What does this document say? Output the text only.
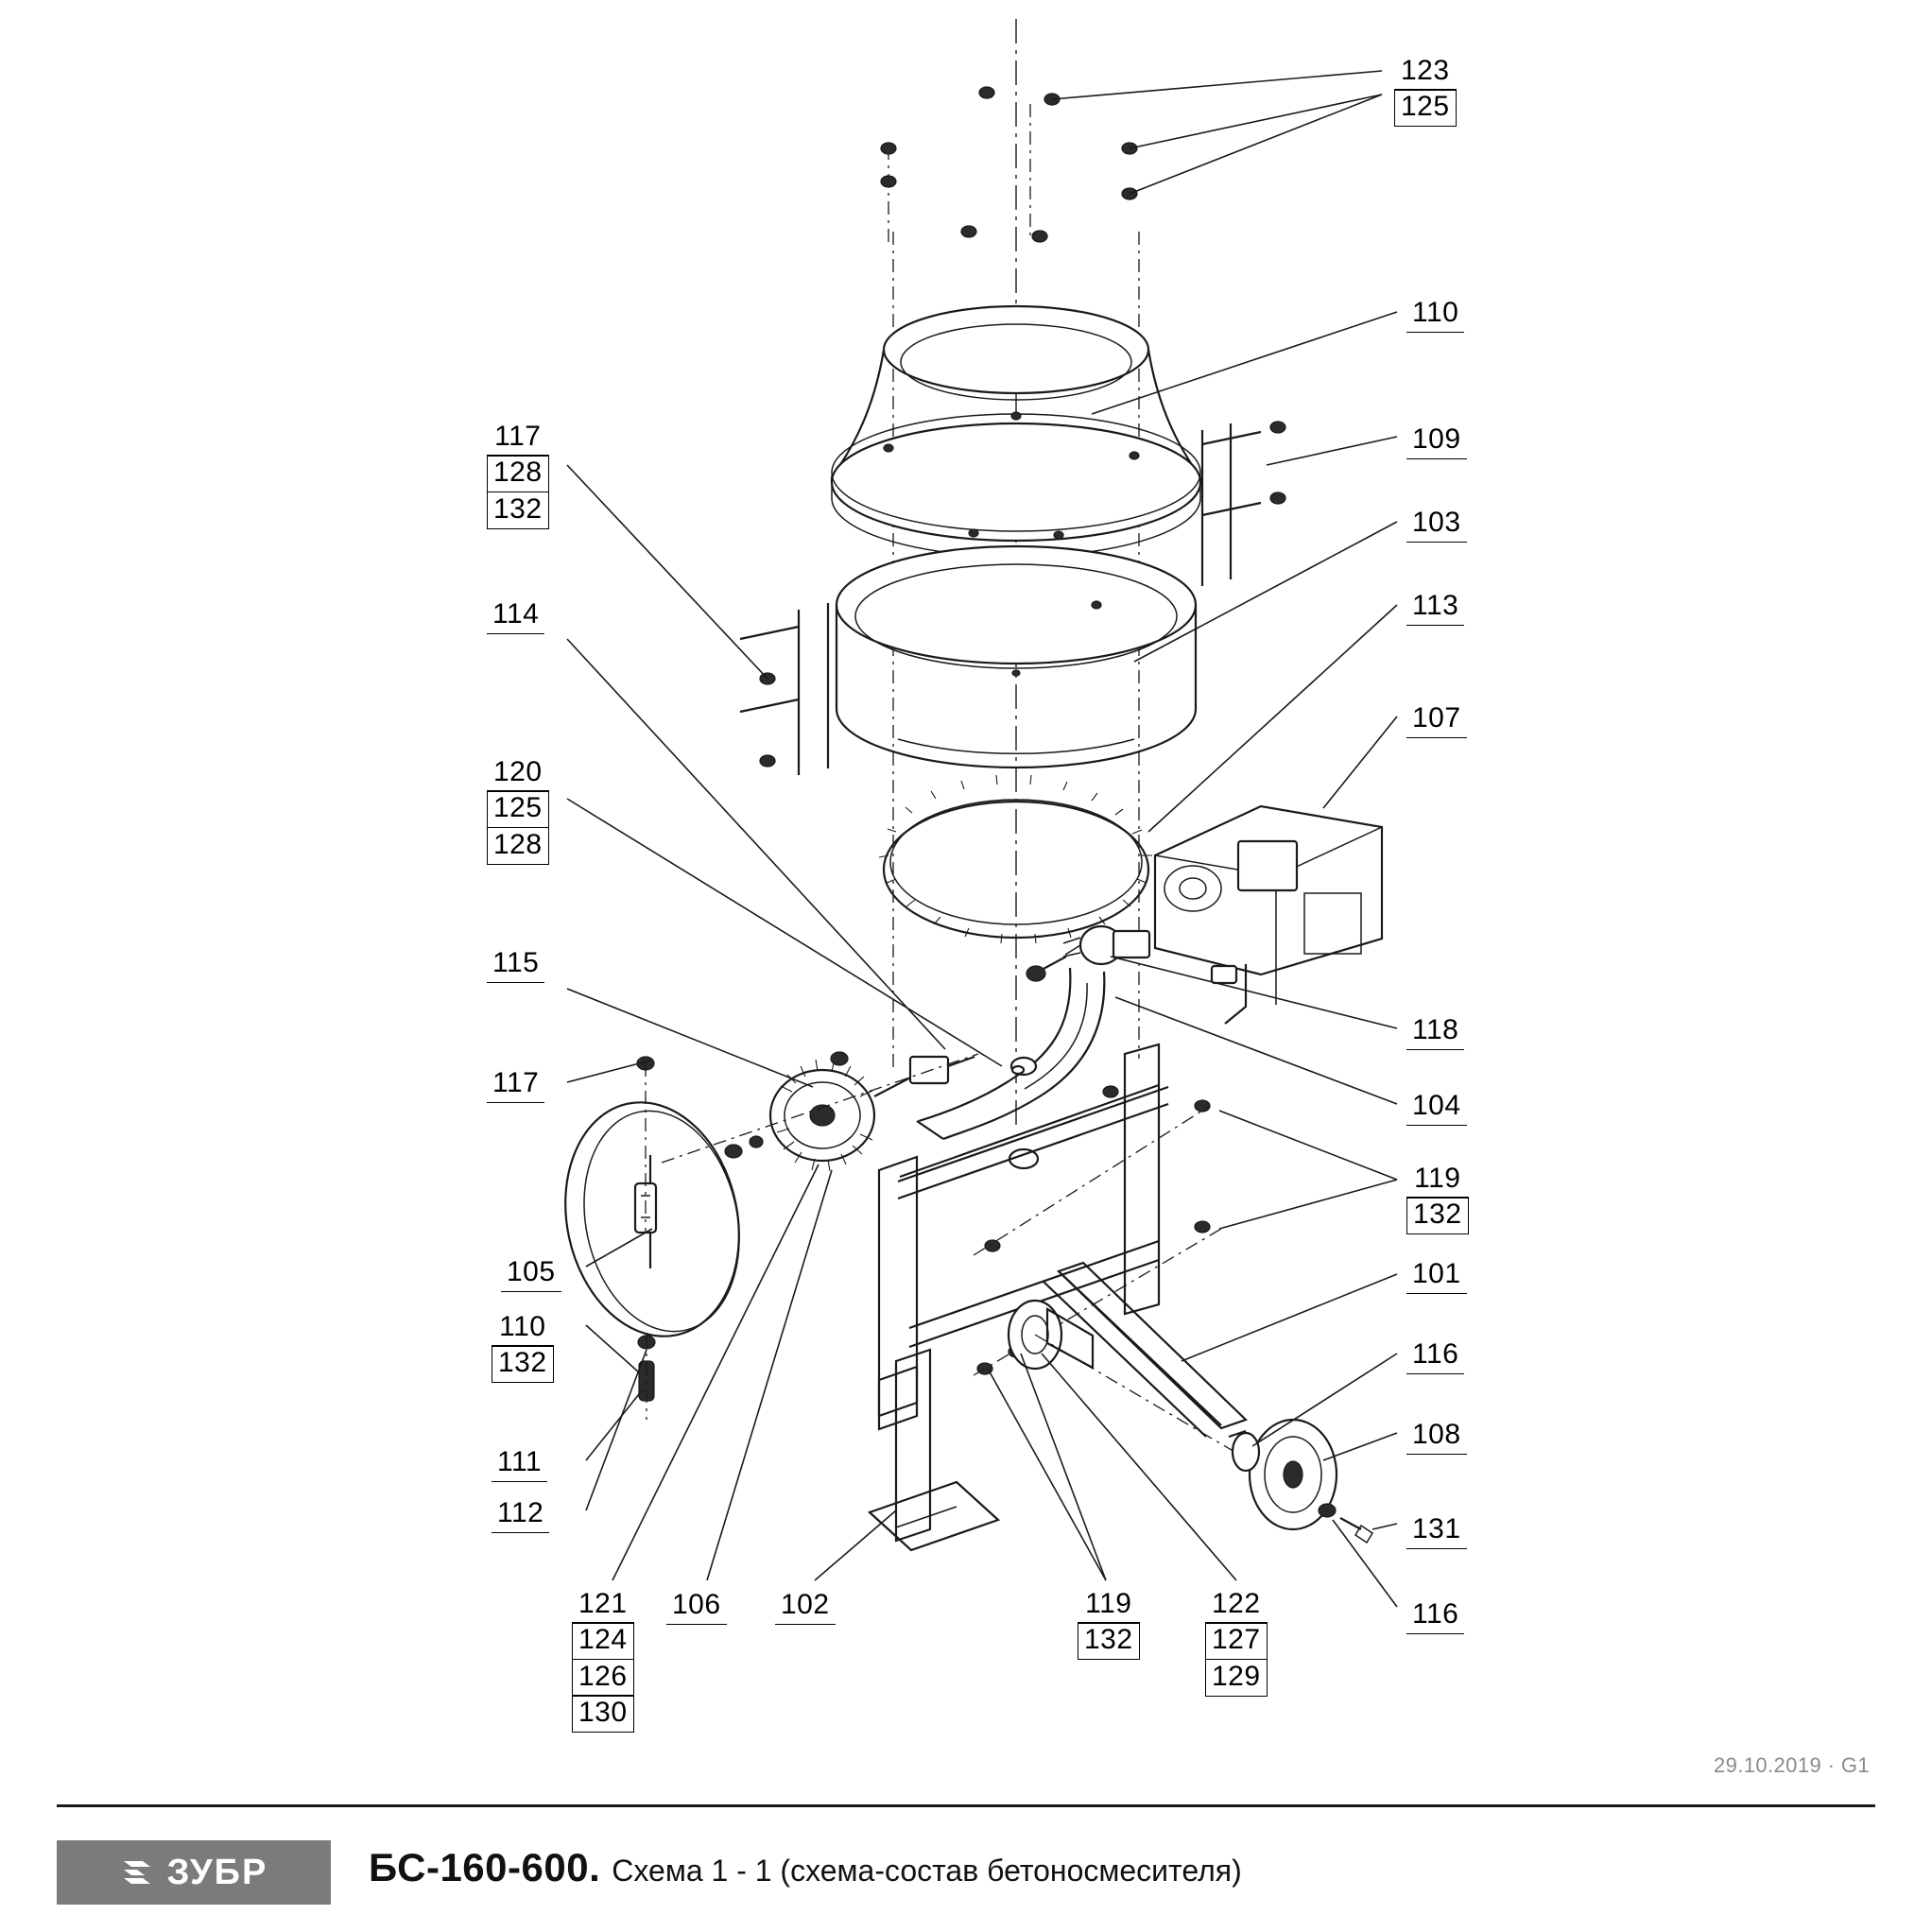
123
125
110
117
128
132
109
103
113
114
107
120
125
128
115
118
117
104
119
132
105	101
110
132	116
108
111
112
131
116
121
124
126
130
106 102	119
132
122
127
129
29.10.2019 · G1
ЗУБР	БС-160-600. Схема 1 - 1 (схема-состав бетоносмесителя)
